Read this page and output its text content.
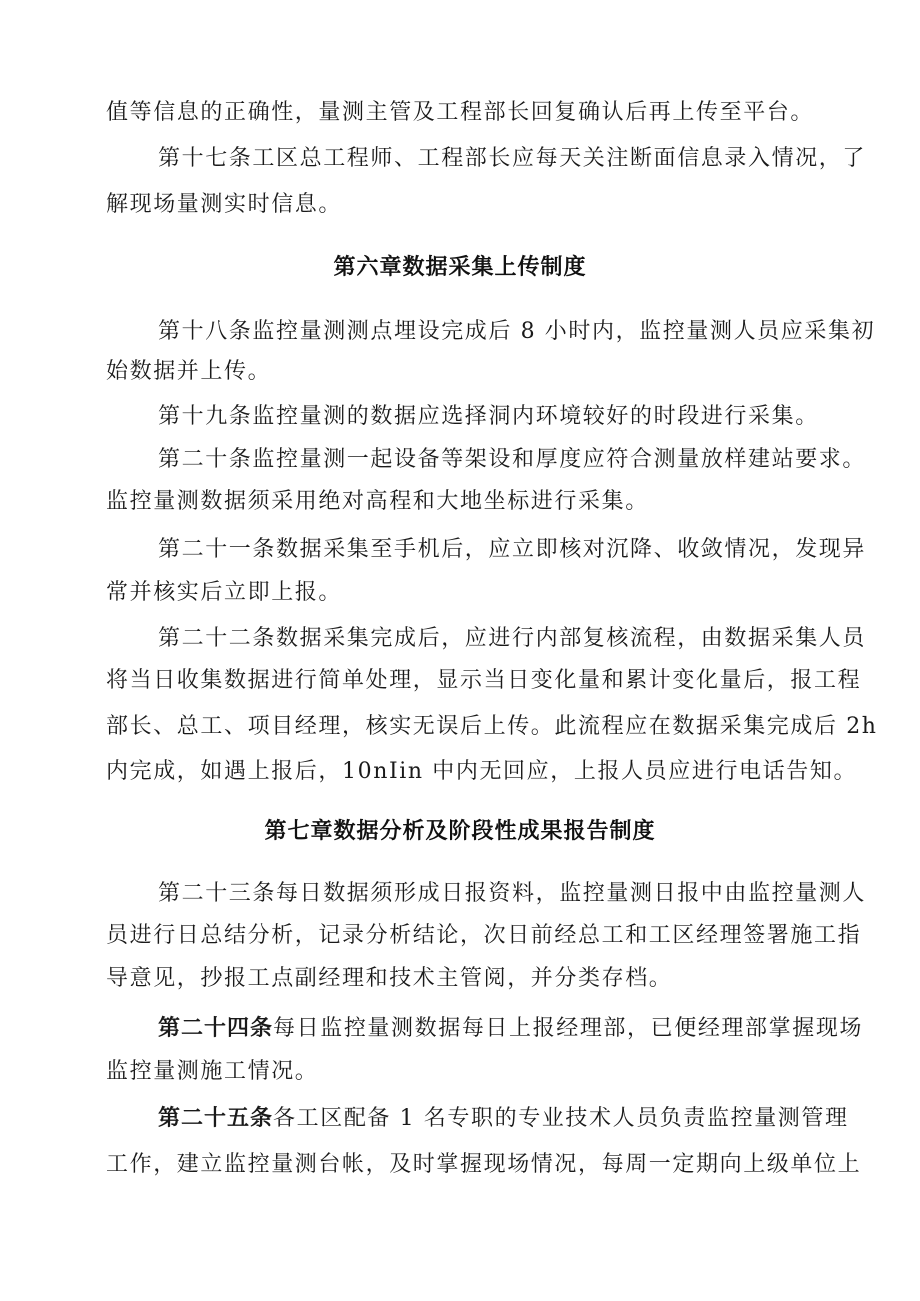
值等信息的正确性，量测主管及工程部长回复确认后再上传至平台。
第十七条工区总工程师、工程部长应每天关注断面信息录入情况，了
解现场量测实时信息。
第六章数据采集上传制度
第十八条监控量测测点埋设完成后 8 小时内，监控量测人员应采集初
始数据并上传。
第十九条监控量测的数据应选择洞内环境较好的时段进行采集。
第二十条监控量测一起设备等架设和厚度应符合测量放样建站要求。
监控量测数据须采用绝对高程和大地坐标进行采集。
第二十一条数据采集至手机后，应立即核对沉降、收敛情况，发现异
常并核实后立即上报。
第二十二条数据采集完成后，应进行内部复核流程，由数据采集人员
将当日收集数据进行简单处理，显示当日变化量和累计变化量后，报工程
部长、总工、项目经理，核实无误后上传。此流程应在数据采集完成后 2h
内完成，如遇上报后，10nIin 中内无回应，上报人员应进行电话告知。
第七章数据分析及阶段性成果报告制度
第二十三条每日数据须形成日报资料，监控量测日报中由监控量测人
员进行日总结分析，记录分析结论，次日前经总工和工区经理签署施工指
导意见，抄报工点副经理和技术主管阅，并分类存档。
第二十四条每日监控量测数据每日上报经理部，已便经理部掌握现场
监控量测施工情况。
第二十五条各工区配备 1 名专职的专业技术人员负责监控量测管理
工作，建立监控量测台帐，及时掌握现场情况，每周一定期向上级单位上
